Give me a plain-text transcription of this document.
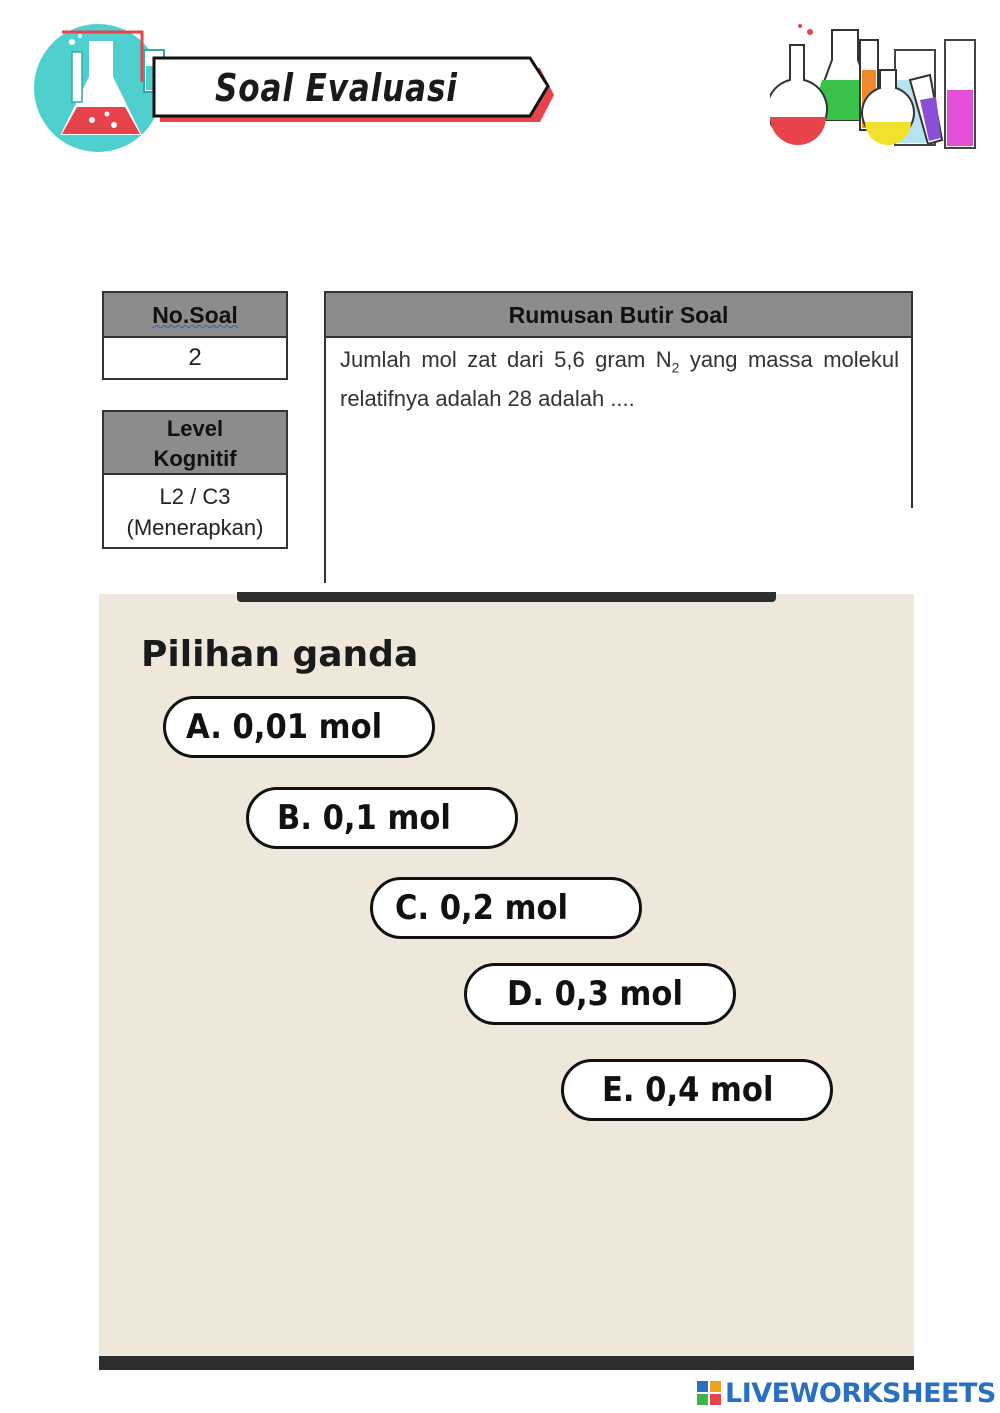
Soal Evaluasi
No.Soal
2
Level
Kognitif
L2 / C3
(Menerapkan)
Rumusan Butir Soal
Jumlah mol zat dari 5,6 gram $N_2$ yang massa molekul relatifnya adalah 28 adalah ....
Pilihan ganda
A. 0,01 mol
B. 0,1 mol
C. 0,2 mol
D. 0,3 mol
E. 0,4 mol
LIVEWORKSHEETS
